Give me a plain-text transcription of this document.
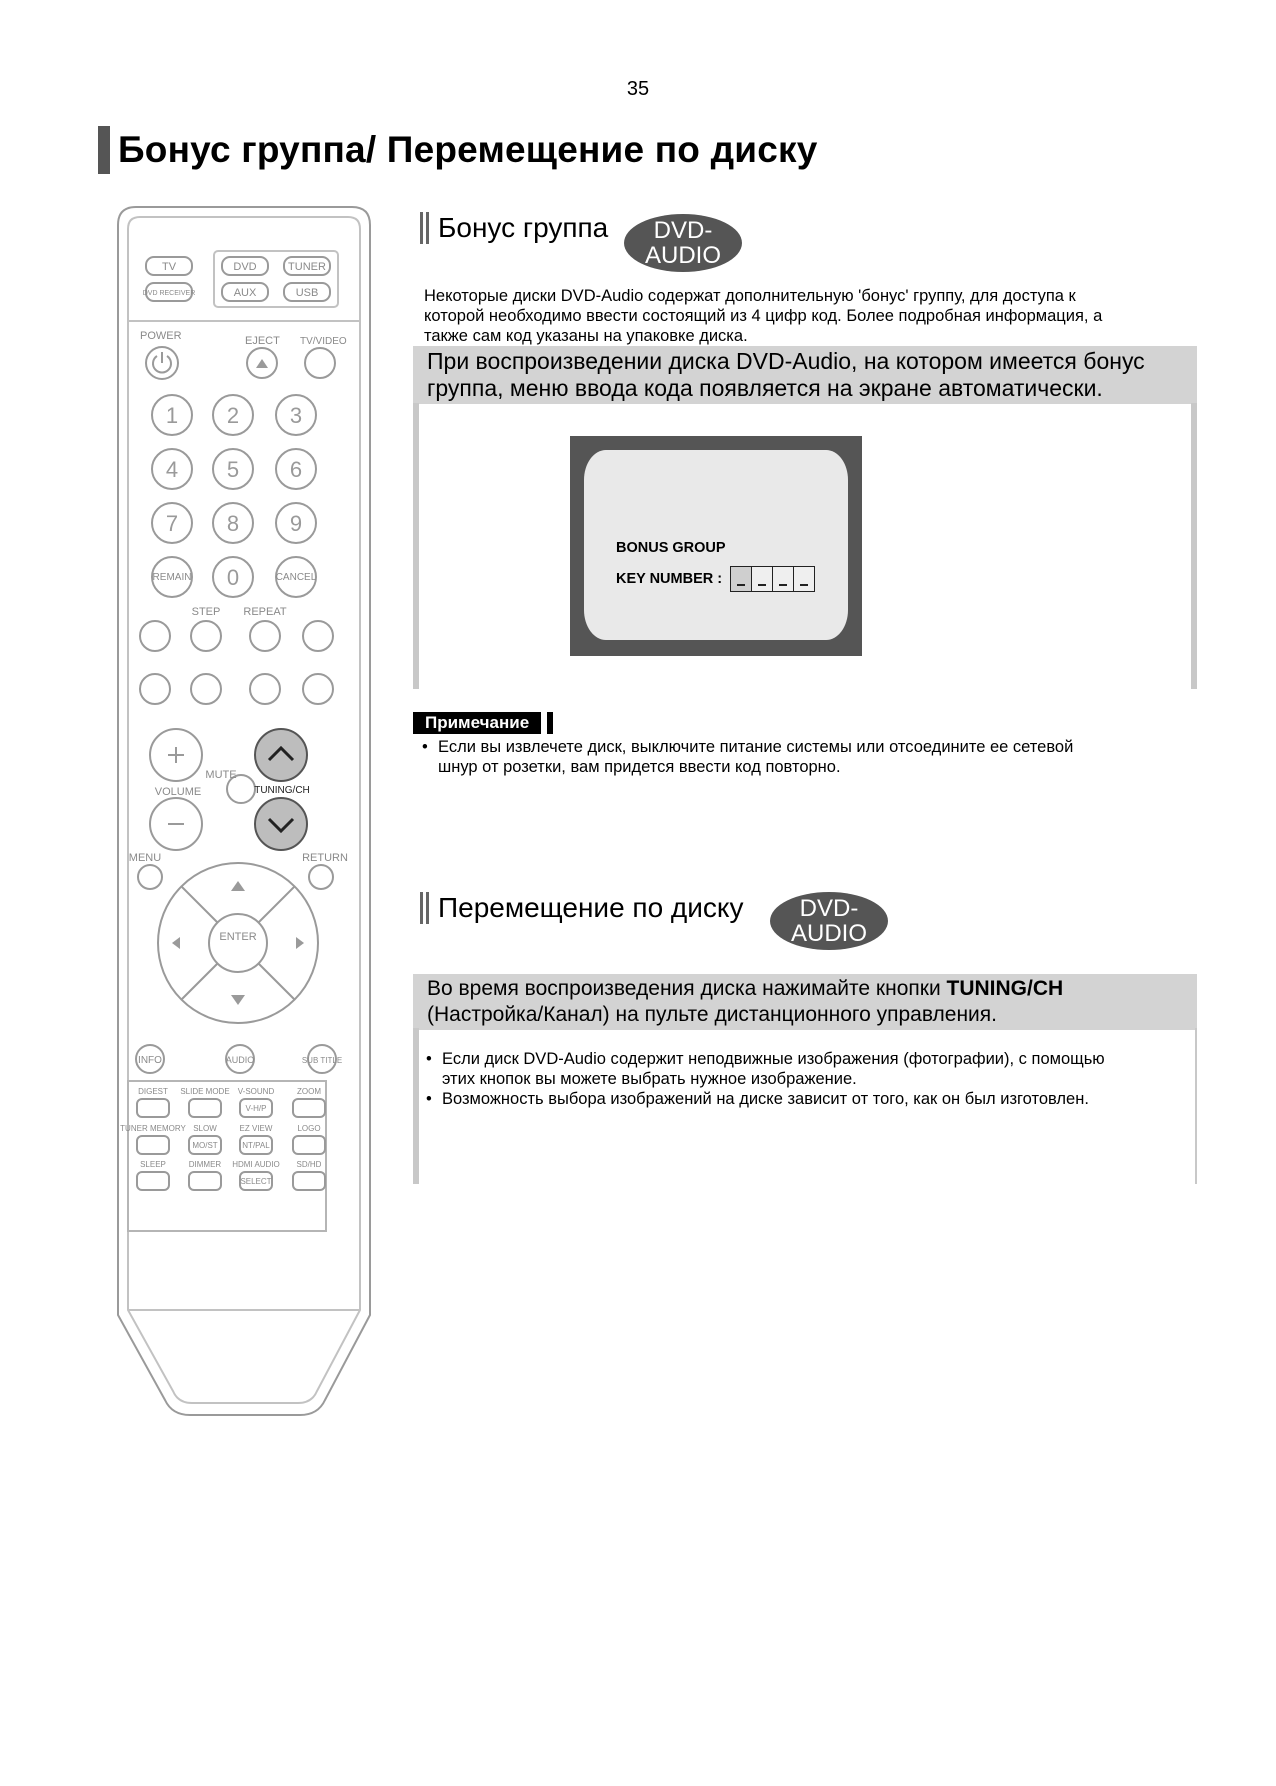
35
Бонус группа/ Перемещение по диску
TV	DVD	TUNER
DVD RECEIVER	AUX	USB
POWER	EJECT TV/VIDEO
1 2 3
4 5 6
7 8 9
0
REMAIN	CANCEL
STEP REPEAT
MUTE
VOLUME	TUNING/CH
MENU	RETURN
ENTER
INFO	AUDIO	SUB TITLE
DIGEST SLIDE MODE V-SOUND	ZOOM
TUNER MEMORY SLOW	EZ VIEW	LOGO
SLEEP	DIMMER HDMI AUDIO SD/HD
V-H/P
MO/ST	NT/PAL
SELECT
Бонус группа	DVD-
AUDIO
Некоторые диски DVD-Audio содержат дополнительную 'бонус' группу, для доступа к
которой необходимо ввести состоящий из 4 цифр код. Более подробная информация, а
также сам код указаны на упаковке диска.
При воспроизведении диска DVD-Audio, на котором имеется бонус
группа, меню ввода кода появляется на экране автоматически.
BONUS GROUP
KEY NUMBER :
Примечание
• Если вы извлечете диск, выключите питание системы или отсоедините ее сетевой
шнур от розетки, вам придется ввести код повторно.
Перемещение по диску	DVD-
AUDIO
Во время воспроизведения диска нажимайте кнопки TUNING/CH
(Настройка/Канал) на пульте дистанционного управления.
• Если диск DVD-Audio содержит неподвижные изображения (фотографии), с помощью
этих кнопок вы можете выбрать нужное изображение.
• Возможность выбора изображений на диске зависит от того, как он был изготовлен.
